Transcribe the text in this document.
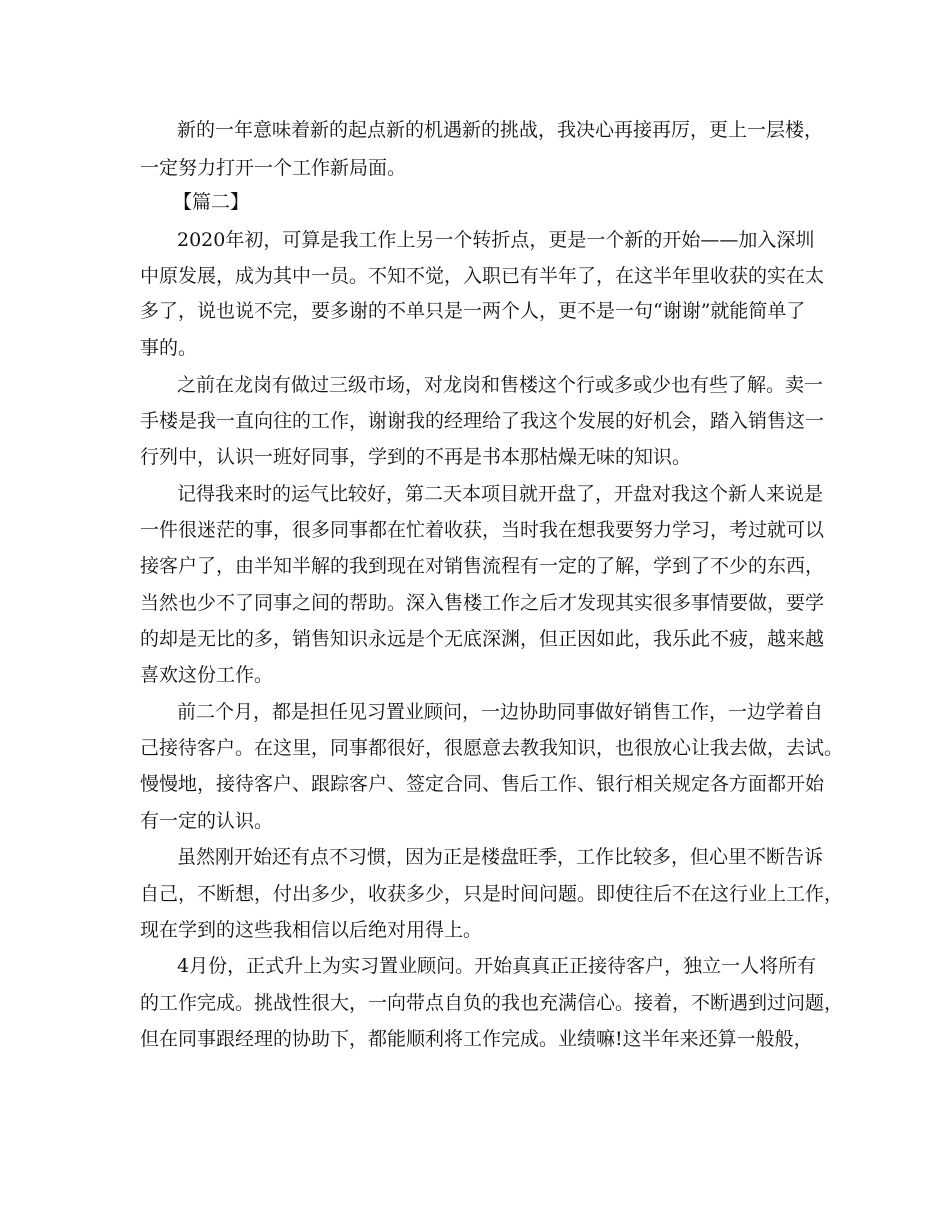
新的一年意味着新的起点新的机遇新的挑战，我决心再接再厉，更上一层楼，

一定努力打开一个工作新局面。

【篇二】

2020年初，可算是我工作上另一个转折点，更是一个新的开始——加入深圳

中原发展，成为其中一员。不知不觉，入职已有半年了，在这半年里收获的实在太

多了，说也说不完，要多谢的不单只是一两个人，更不是一句“谢谢”就能简单了

事的。

之前在龙岗有做过三级市场，对龙岗和售楼这个行或多或少也有些了解。卖一

手楼是我一直向往的工作，谢谢我的经理给了我这个发展的好机会，踏入销售这一

行列中，认识一班好同事，学到的不再是书本那枯燥无味的知识。

记得我来时的运气比较好，第二天本项目就开盘了，开盘对我这个新人来说是

一件很迷茫的事，很多同事都在忙着收获，当时我在想我要努力学习，考过就可以

接客户了，由半知半解的我到现在对销售流程有一定的了解，学到了不少的东西，

当然也少不了同事之间的帮助。深入售楼工作之后才发现其实很多事情要做，要学

的却是无比的多，销售知识永远是个无底深渊，但正因如此，我乐此不疲，越来越

喜欢这份工作。

前二个月，都是担任见习置业顾问，一边协助同事做好销售工作，一边学着自

己接待客户。在这里，同事都很好，很愿意去教我知识，也很放心让我去做，去试。

慢慢地，接待客户、跟踪客户、签定合同、售后工作、银行相关规定各方面都开始

有一定的认识。

虽然刚开始还有点不习惯，因为正是楼盘旺季，工作比较多，但心里不断告诉

自己，不断想，付出多少，收获多少，只是时间问题。即使往后不在这行业上工作，

现在学到的这些我相信以后绝对用得上。

4月份，正式升上为实习置业顾问。开始真真正正接待客户，独立一人将所有

的工作完成。挑战性很大，一向带点自负的我也充满信心。接着，不断遇到过问题，

但在同事跟经理的协助下，都能顺利将工作完成。业绩嘛!这半年来还算一般般，
